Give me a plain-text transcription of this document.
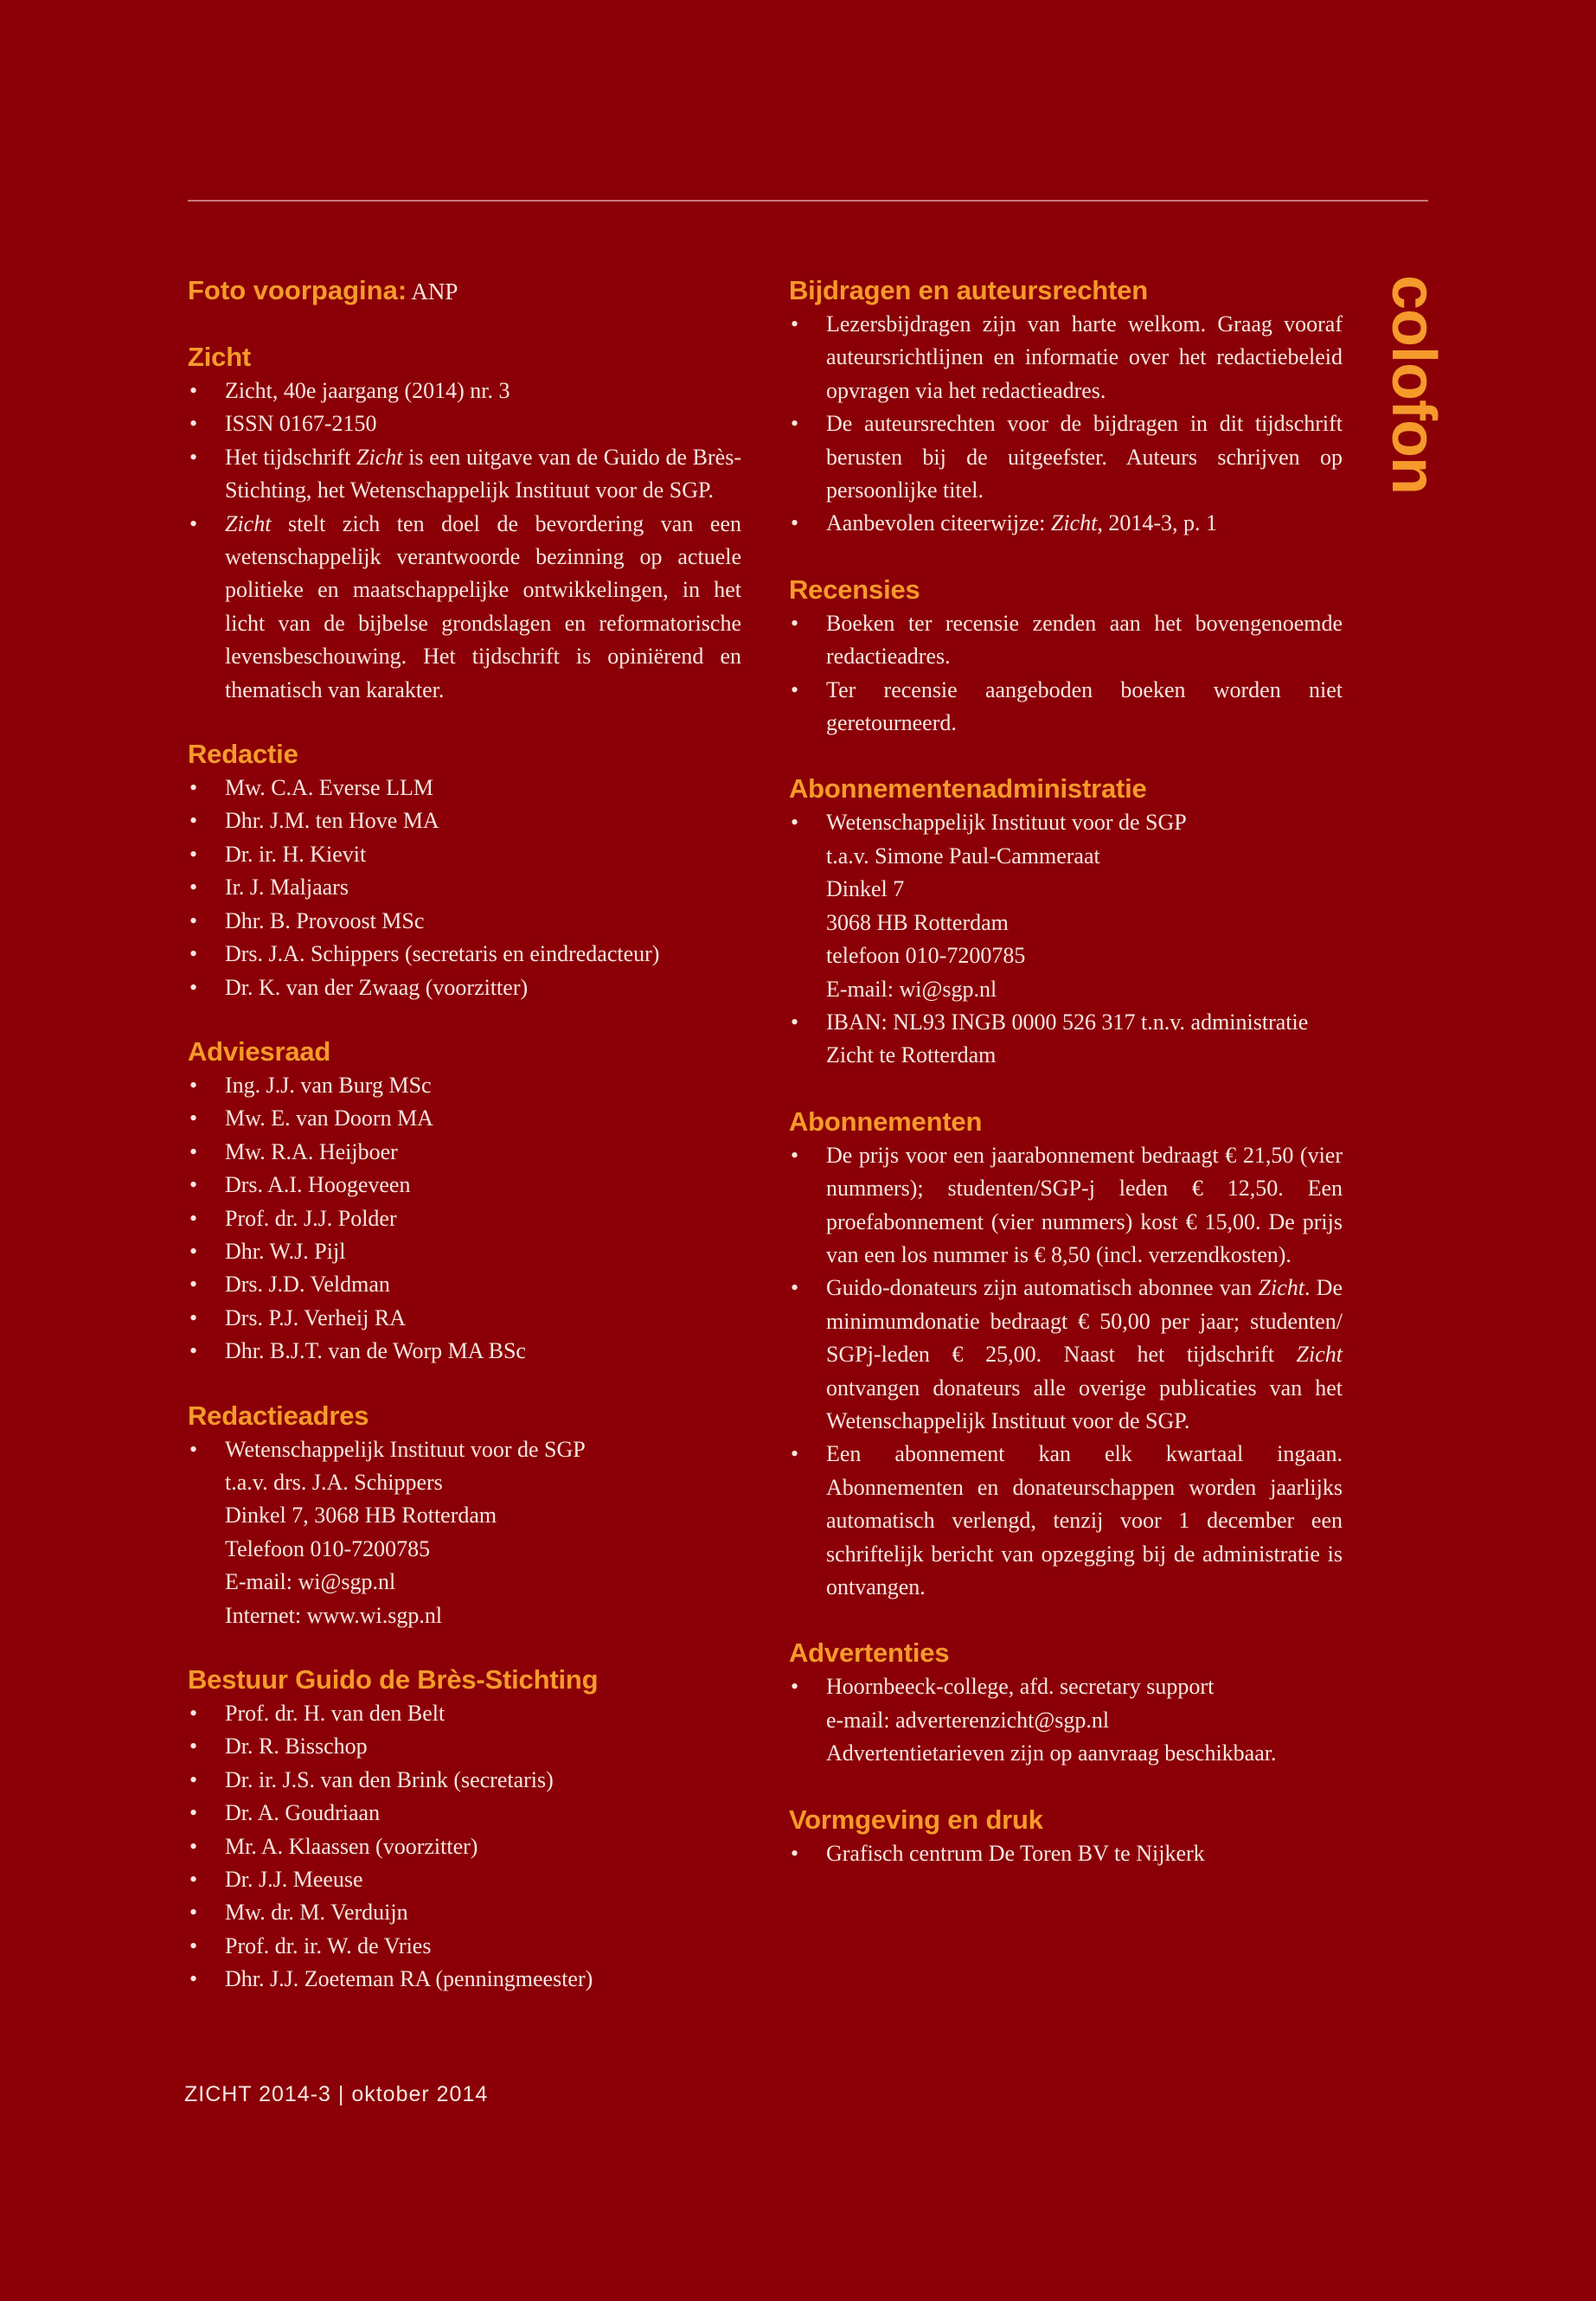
colofon
Foto voorpagina: ANP
Zicht
• Zicht, 40e jaargang (2014) nr. 3
• ISSN 0167-2150
• Het tijdschrift Zicht is een uitgave van de Guido de Brès-Stichting, het Wetenschappelijk Instituut voor de SGP.
• Zicht stelt zich ten doel de bevordering van een wetenschappelijk verantwoorde bezinning op actuele politieke en maatschappelijke ontwikkelingen, in het licht van de bijbelse grondslagen en reformatorische levensbeschouwing. Het tijdschrift is opiniërend en thematisch van karakter.
Redactie
• Mw. C.A. Everse LLM
• Dhr. J.M. ten Hove MA
• Dr. ir. H. Kievit
• Ir. J. Maljaars
• Dhr. B. Provoost MSc
• Drs. J.A. Schippers (secretaris en eindredacteur)
• Dr. K. van der Zwaag (voorzitter)
Adviesraad
• Ing. J.J. van Burg MSc
• Mw. E. van Doorn MA
• Mw. R.A. Heijboer
• Drs. A.I. Hoogeveen
• Prof. dr. J.J. Polder
• Dhr. W.J. Pijl
• Drs. J.D. Veldman
• Drs. P.J. Verheij RA
• Dhr. B.J.T. van de Worp MA BSc
Redactieadres
• Wetenschappelijk Instituut voor de SGP
t.a.v. drs. J.A. Schippers
Dinkel 7, 3068 HB Rotterdam
Telefoon 010-7200785
E-mail: wi@sgp.nl
Internet: www.wi.sgp.nl
Bestuur Guido de Brès-Stichting
• Prof. dr. H. van den Belt
• Dr. R. Bisschop
• Dr. ir. J.S. van den Brink (secretaris)
• Dr. A. Goudriaan
• Mr. A. Klaassen (voorzitter)
• Dr. J.J. Meeuse
• Mw. dr. M. Verduijn
• Prof. dr. ir. W. de Vries
• Dhr. J.J. Zoeteman RA (penningmeester)
Bijdragen en auteursrechten
• Lezersbijdragen zijn van harte welkom. Graag vooraf auteursrichtlijnen en informatie over het redactiebeleid opvragen via het redactieadres.
• De auteursrechten voor de bijdragen in dit tijdschrift berusten bij de uitgeefster. Auteurs schrijven op persoonlijke titel.
• Aanbevolen citeerwijze: Zicht, 2014-3, p. 1
Recensies
• Boeken ter recensie zenden aan het bovengenoemde redactieadres.
• Ter recensie aangeboden boeken worden niet geretourneerd.
Abonnementenadministratie
• Wetenschappelijk Instituut voor de SGP
t.a.v. Simone Paul-Cammeraat
Dinkel 7
3068 HB Rotterdam
telefoon 010-7200785
E-mail: wi@sgp.nl
• IBAN: NL93 INGB 0000 526 317 t.n.v. administratie Zicht te Rotterdam
Abonnementen
• De prijs voor een jaarabonnement bedraagt € 21,50 (vier nummers); studenten/SGP-j leden € 12,50. Een proefabonnement (vier nummers) kost € 15,00. De prijs van een los nummer is € 8,50 (incl. verzendkosten).
• Guido-donateurs zijn automatisch abonnee van Zicht. De minimumdonatie bedraagt € 50,00 per jaar; studenten/ SGPj-leden € 25,00. Naast het tijdschrift Zicht ontvangen donateurs alle overige publicaties van het Wetenschappelijk Instituut voor de SGP.
• Een abonnement kan elk kwartaal ingaan. Abonnementen en donateurschappen worden jaarlijks automatisch verlengd, tenzij voor 1 december een schriftelijk bericht van opzegging bij de administratie is ontvangen.
Advertenties
• Hoornbeeck-college, afd. secretary support
e-mail: adverterenzicht@sgp.nl
Advertentietarieven zijn op aanvraag beschikbaar.
Vormgeving en druk
• Grafisch centrum De Toren BV te Nijkerk
ZICHT 2014-3 | oktober 2014
